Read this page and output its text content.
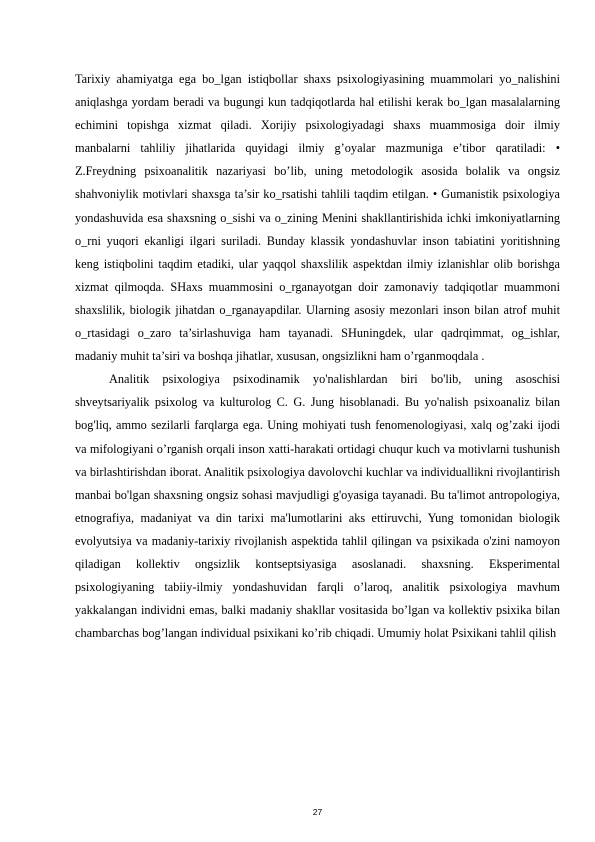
Tarixiy ahamiyatga ega bo_lgan istiqbollar shaxs psixologiyasining muammolari yo_nalishini aniqlashga yordam beradi va bugungi kun tadqiqotlarda hal etilishi kerak bo_lgan masalalarning echimini topishga xizmat qiladi. Xorijiy psixologiyadagi shaxs muammosiga doir ilmiy manbalarni tahliliy jihatlarida quyidagi ilmiy g’oyalar mazmuniga e’tibor qaratiladi: • Z.Freydning psixoanalitik nazariyasi bo’lib, uning metodologik asosida bolalik va ongsiz shahvoniylik motivlari shaxsga ta’sir ko_rsatishi tahlili taqdim etilgan. • Gumanistik psixologiya yondashuvida esa shaxsning o_sishi va o_zining Menini shakllantirishida ichki imkoniyatlarning o_rni yuqori ekanligi ilgari suriladi. Bunday klassik yondashuvlar inson tabiatini yoritishning keng istiqbolini taqdim etadiki, ular yaqqol shaxslilik aspektdan ilmiy izlanishlar olib borishga xizmat qilmoqda. SHaxs muammosini o_rganayotgan doir zamonaviy tadqiqotlar muammoni shaxslilik, biologik jihatdan o_rganayapdilar. Ularning asosiy mezonlari inson bilan atrof muhit o_rtasidagi o_zaro ta’sirlashuviga ham tayanadi. SHuningdek, ular qadrqimmat, og_ishlar, madaniy muhit ta’siri va boshqa jihatlar, xususan, ongsizlikni ham o’rganmoqdala .

Analitik psixologiya psixodinamik yo'nalishlardan biri bo'lib, uning asoschisi shveytsariyalik psixolog va kulturolog C. G. Jung hisoblanadi. Bu yo'nalish psixoanaliz bilan bog'liq, ammo sezilarli farqlarga ega. Uning mohiyati tush fenomenologiyasi, xalq og’zaki ijodi va mifologiyani o’rganish orqali inson xatti-harakati ortidagi chuqur kuch va motivlarni tushunish va birlashtirishdan iborat. Analitik psixologiya davolovchi kuchlar va individuallikni rivojlantirish manbai bo'lgan shaxsning ongsiz sohasi mavjudligi g'oyasiga tayanadi. Bu ta'limot antropologiya, etnografiya, madaniyat va din tarixi ma'lumotlarini aks ettiruvchi, Yung tomonidan biologik evolyutsiya va madaniy-tarixiy rivojlanish aspektida tahlil qilingan va psixikada o'zini namoyon qiladigan kollektiv ongsizlik kontseptsiyasiga asoslanadi. shaxsning. Eksperimental psixologiyaning tabiiy-ilmiy yondashuvidan farqli o’laroq, analitik psixologiya mavhum yakkalangan individni emas, balki madaniy shakllar vositasida bo’lgan va kollektiv psixika bilan chambarchas bog’langan individual psixikani ko’rib chiqadi. Umumiy holat Psixikani tahlil qilish

27
